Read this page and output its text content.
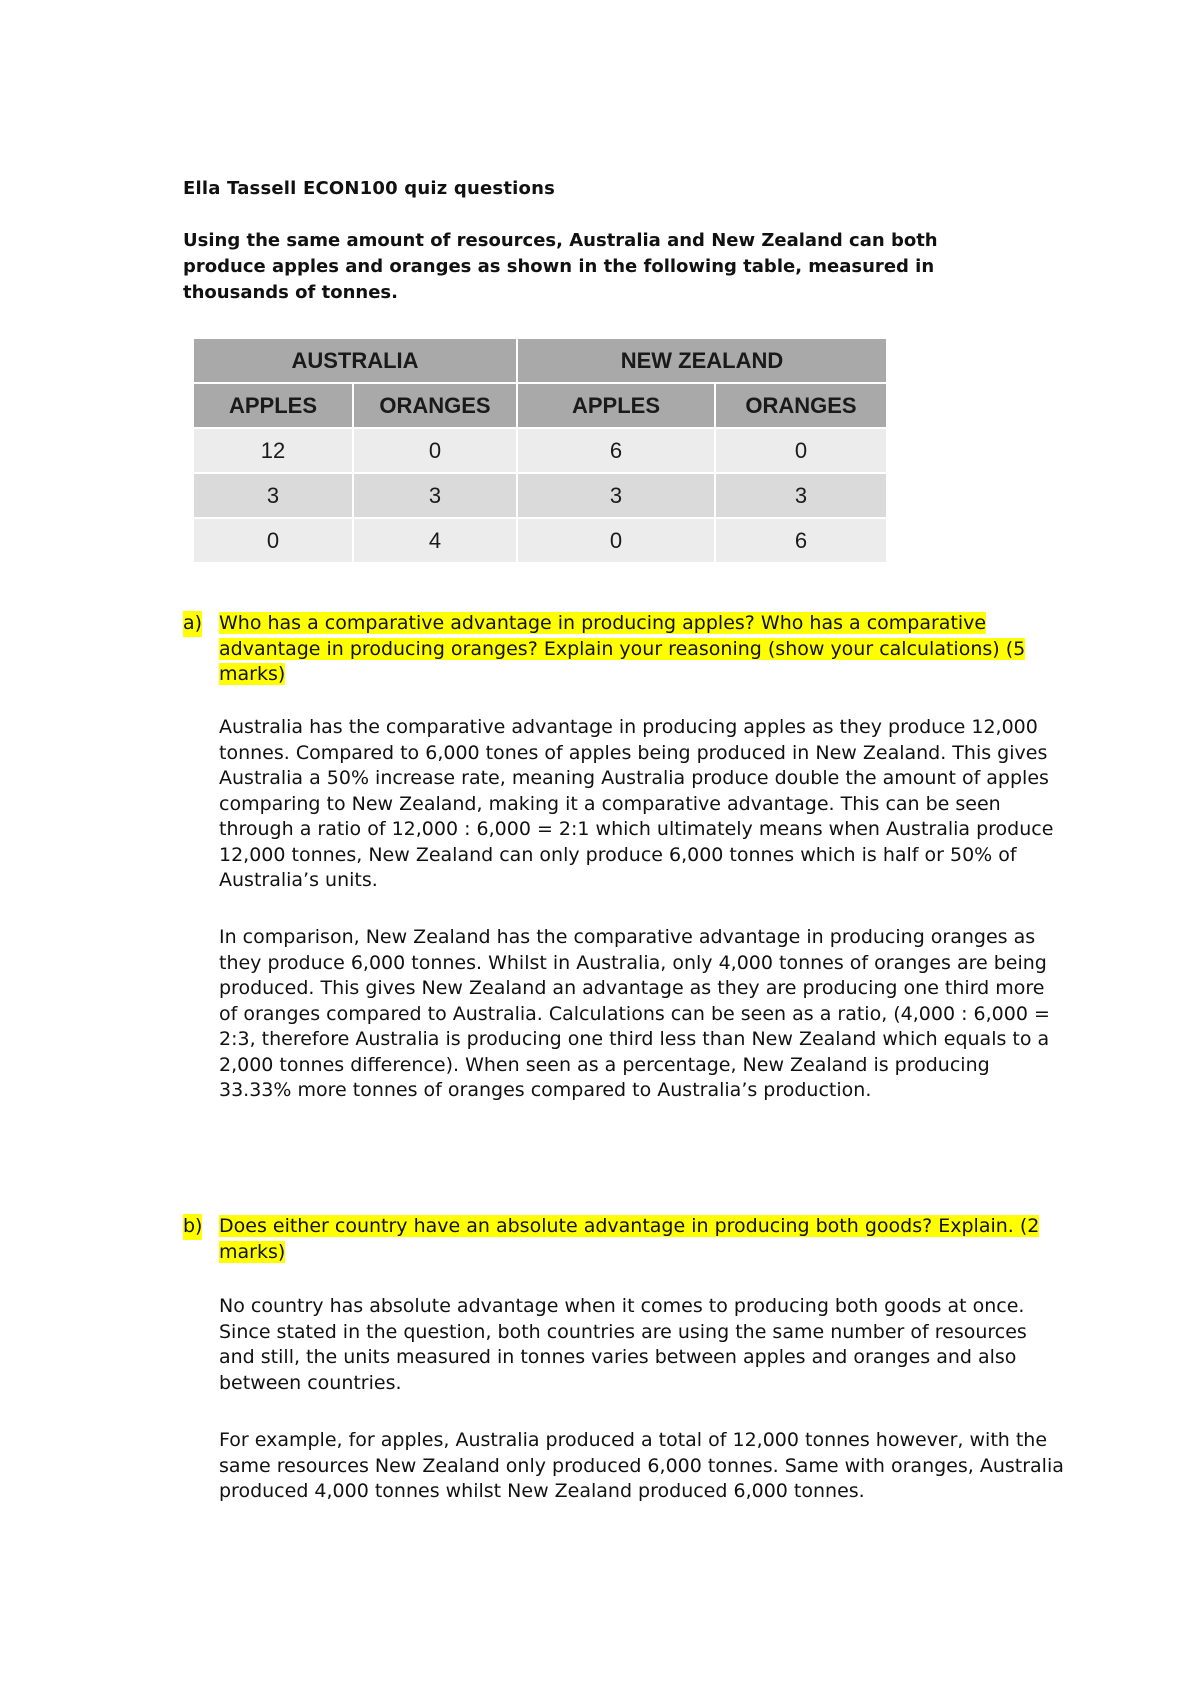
Ella Tassell ECON100 quiz questions
Using the same amount of resources, Australia and New Zealand can both produce apples and oranges as shown in the following table, measured in thousands of tonnes.
AUSTRALIA		NEW ZEALAND	
APPLES	ORANGES	APPLES	ORANGES
12	0	6	0
3	3	3	3
0	4	0	6
a) Who has a comparative advantage in producing apples? Who has a comparative advantage in producing oranges? Explain your reasoning (show your calculations) (5 marks)
Australia has the comparative advantage in producing apples as they produce 12,000 tonnes. Compared to 6,000 tones of apples being produced in New Zealand. This gives Australia a 50% increase rate, meaning Australia produce double the amount of apples comparing to New Zealand, making it a comparative advantage. This can be seen through a ratio of 12,000 : 6,000 = 2:1 which ultimately means when Australia produce 12,000 tonnes, New Zealand can only produce 6,000 tonnes which is half or 50% of Australia’s units.
In comparison, New Zealand has the comparative advantage in producing oranges as they produce 6,000 tonnes. Whilst in Australia, only 4,000 tonnes of oranges are being produced. This gives New Zealand an advantage as they are producing one third more of oranges compared to Australia. Calculations can be seen as a ratio, (4,000 : 6,000 = 2:3, therefore Australia is producing one third less than New Zealand which equals to a 2,000 tonnes difference). When seen as a percentage, New Zealand is producing 33.33% more tonnes of oranges compared to Australia’s production.
b) Does either country have an absolute advantage in producing both goods? Explain. (2 marks)
No country has absolute advantage when it comes to producing both goods at once. Since stated in the question, both countries are using the same number of resources and still, the units measured in tonnes varies between apples and oranges and also between countries.
For example, for apples, Australia produced a total of 12,000 tonnes however, with the same resources New Zealand only produced 6,000 tonnes. Same with oranges, Australia produced 4,000 tonnes whilst New Zealand produced 6,000 tonnes.
